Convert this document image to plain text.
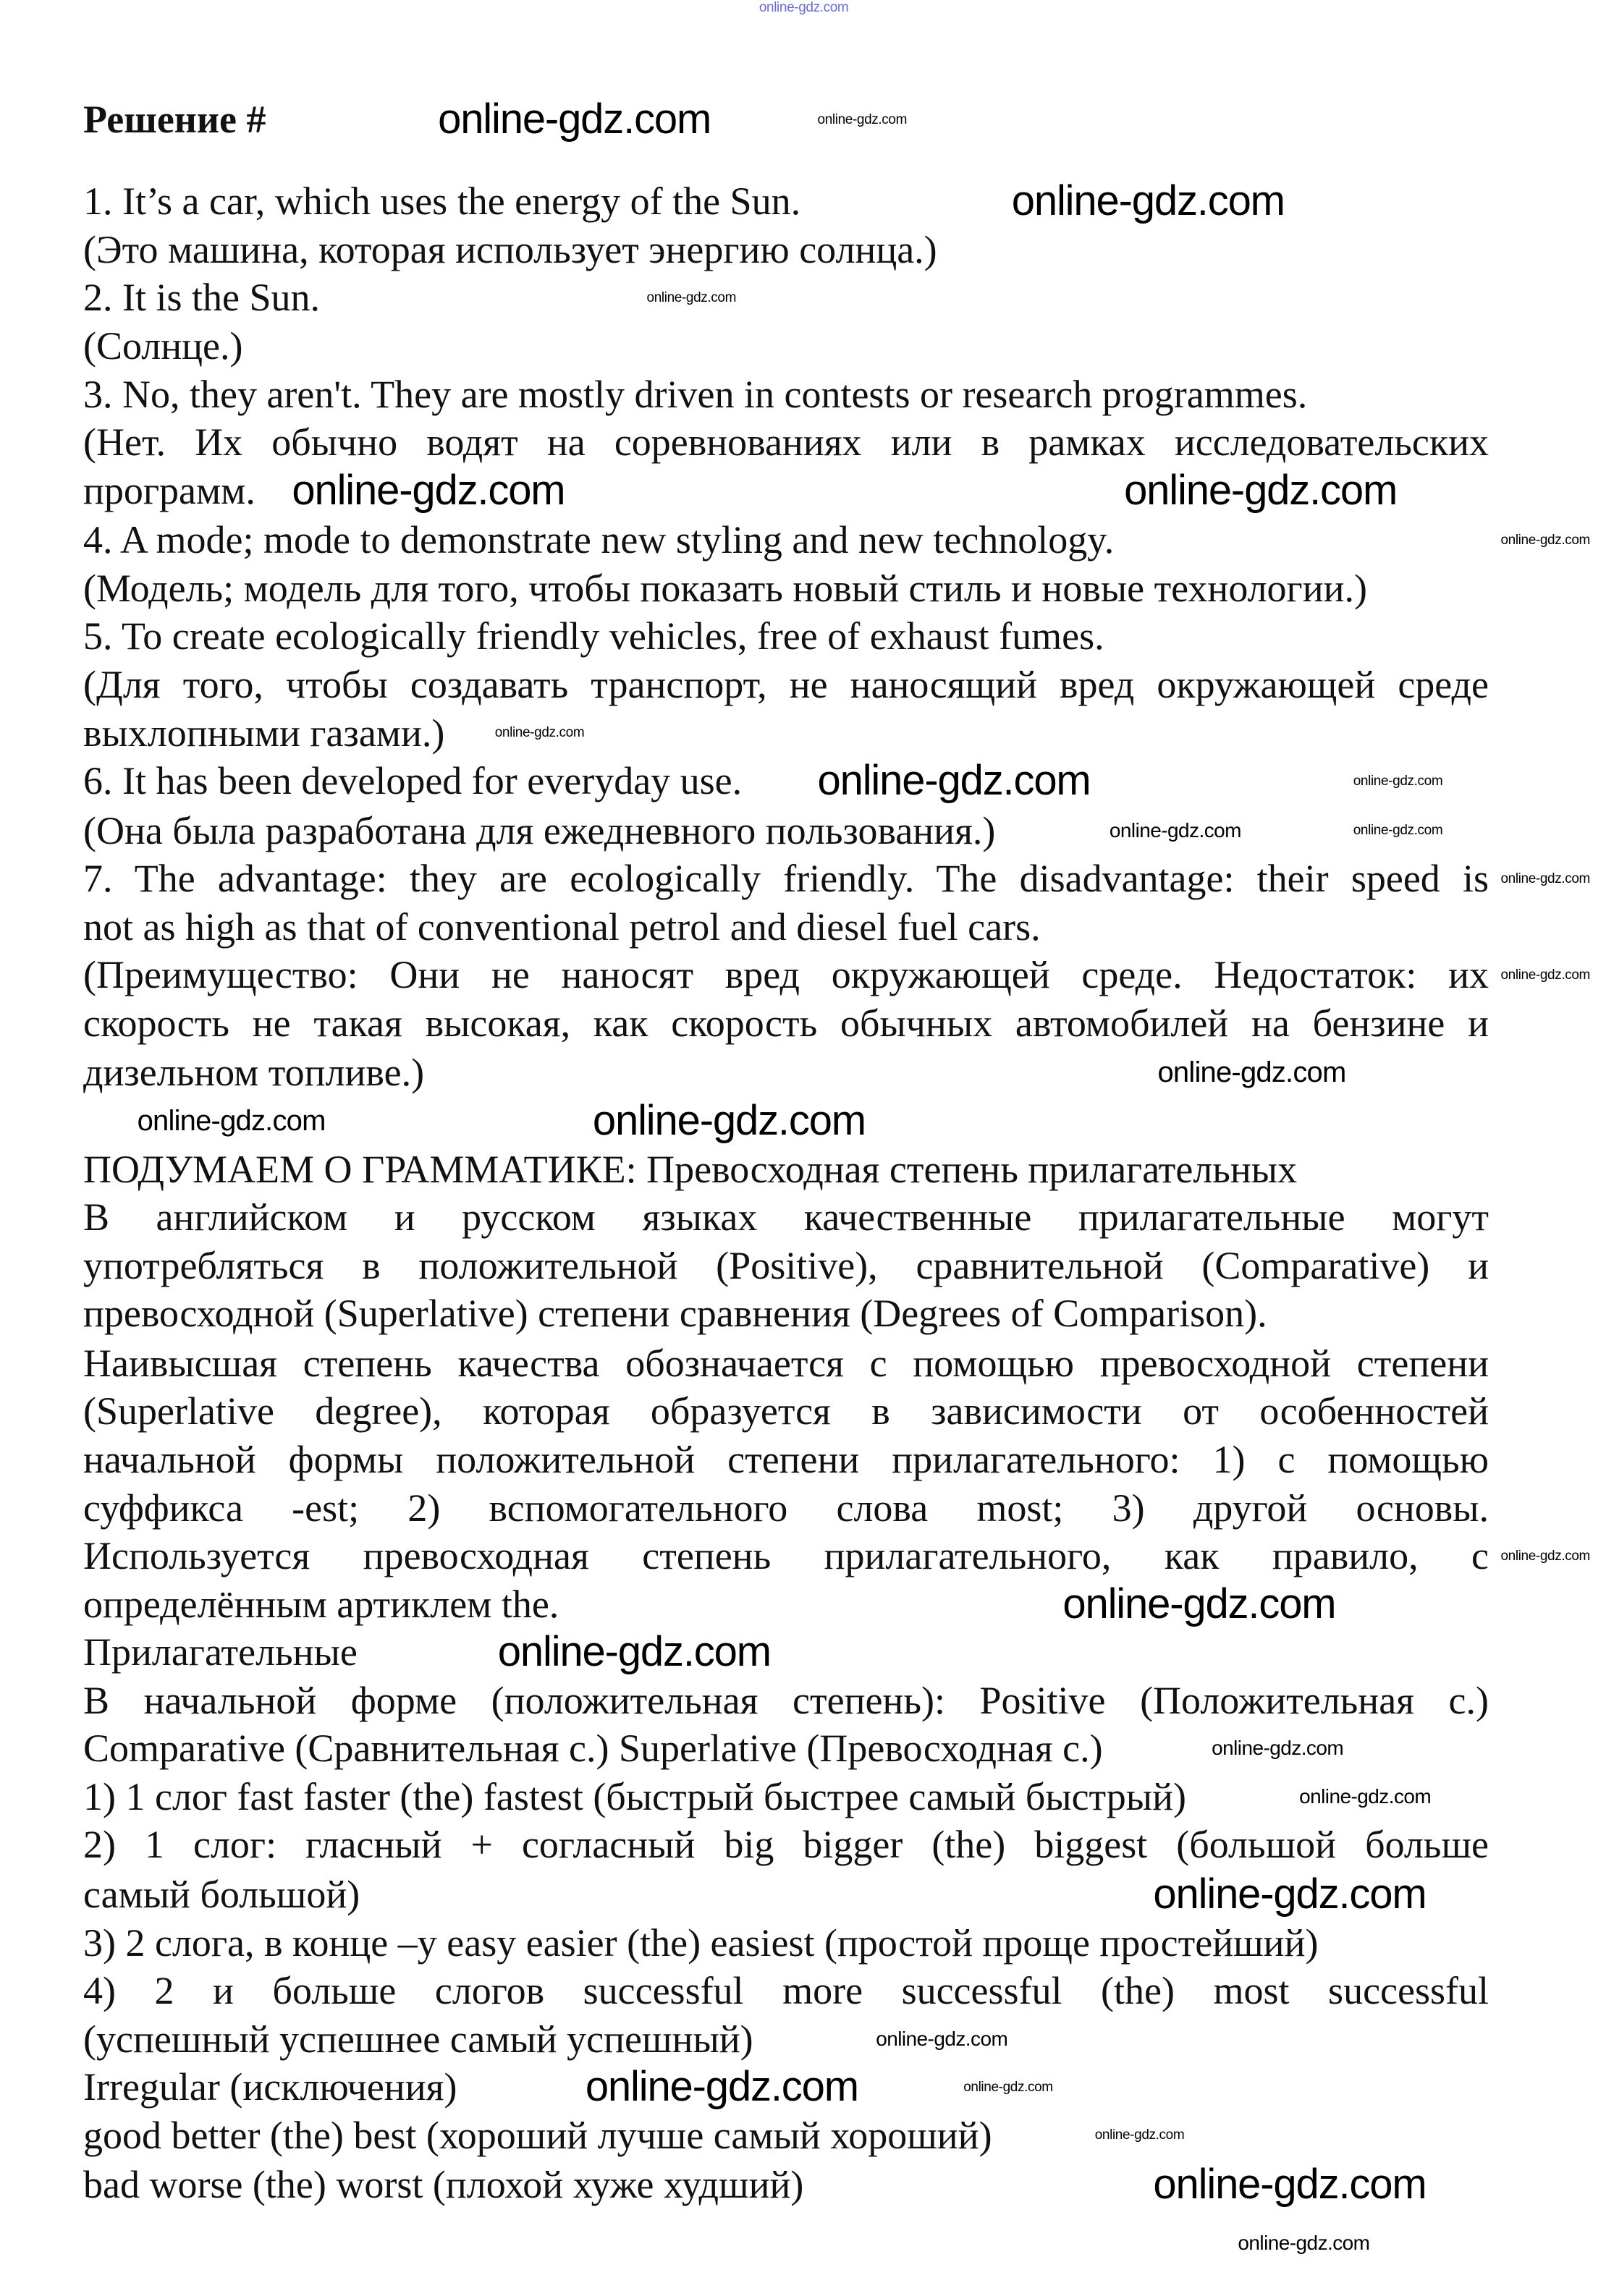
Решение #
1. It’s a car, which uses the energy of the Sun.
(Это машина, которая использует энергию солнца.)
2. It is the Sun.
(Солнце.)
3. No, they aren't. They are mostly driven in contests or research programmes.
(Нет. Их обычно водят на соревнованиях или в рамках исследовательских
программ.
4. A mode; mode to demonstrate new styling and new technology.
(Модель; модель для того, чтобы показать новый стиль и новые технологии.)
5. To create ecologically friendly vehicles, free of exhaust fumes.
(Для того, чтобы создавать транспорт, не наносящий вред окружающей среде
выхлопными газами.)
6. It has been developed for everyday use.
(Она была разработана для ежедневного пользования.)
7. The advantage: they are ecologically friendly. The disadvantage: their speed is
not as high as that of conventional petrol and diesel fuel cars.
(Преимущество: Они не наносят вред окружающей среде. Недостаток: их
скорость не такая высокая, как скорость обычных автомобилей на бензине и
дизельном топливе.)
ПОДУМАЕМ О ГРАММАТИКЕ: Превосходная степень прилагательных
В английском и русском языках качественные прилагательные могут
употребляться в положительной (Positive), сравнительной (Comparative) и
превосходной (Superlative) степени сравнения (Degrees of Comparison).
Наивысшая степень качества обозначается с помощью превосходной степени
(Superlative degree), которая образуется в зависимости от особенностей
начальной формы положительной степени прилагательного: 1) с помощью
суффикса -est; 2) вспомогательного слова most; 3) другой основы.
Используется превосходная степень прилагательного, как правило, с
определённым артиклем the.
Прилагательные
В начальной форме (положительная степень): Positive (Положительная с.)
Comparative (Сравнительная с.) Superlative (Превосходная с.)
1) 1 слог fast faster (the) fastest (быстрый быстрее самый быстрый)
2) 1 слог: гласный + согласный big bigger (the) biggest (большой больше
самый большой)
3) 2 слога, в конце –y easy easier (the) easiest (простой проще простейший)
4) 2 и больше слогов successful more successful (the) most successful
(успешный успешнее самый успешный)
Irregular (исключения)
good better (the) best (хороший лучше самый хороший)
bad worse (the) worst (плохой хуже худший)
online-gdz.com
online-gdz.com	online-gdz.com
online-gdz.com
online-gdz.com
online-gdz.com	online-gdz.com
online-gdz.com
online-gdz.com
online-gdz.com	online-gdz.com
online-gdz.com	online-gdz.com
online-gdz.com
online-gdz.com
online-gdz.com
online-gdz.com	online-gdz.com
online-gdz.com
online-gdz.com
online-gdz.com
online-gdz.com
online-gdz.com
online-gdz.com
online-gdz.com
online-gdz.com	online-gdz.com
online-gdz.com
online-gdz.com
online-gdz.com
